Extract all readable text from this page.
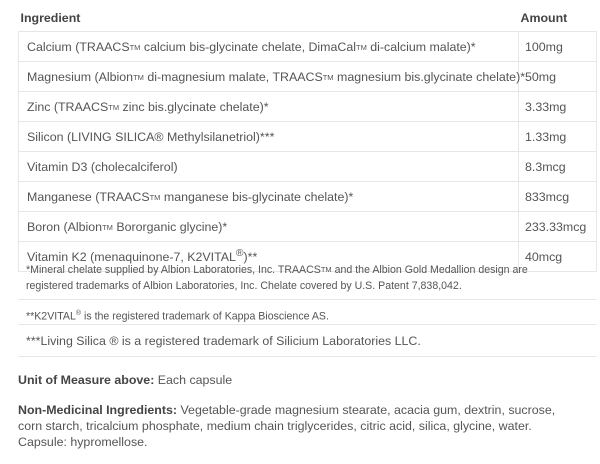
Ingredient	Amount
Calcium (TRAACSTM calcium bis-glycinate chelate, DimaCalTM di-calcium malate)*	100mg
Magnesium (AlbionTM di-magnesium malate, TRAACSTM magnesium bis.glycinate chelate)*	50mg
Zinc (TRAACSTM zinc bis.glycinate chelate)*	3.33mg
Silicon (LIVING SILICA® Methylsilanetriol)***	1.33mg
Vitamin D3 (cholecalciferol)	8.3mcg
Manganese (TRAACSTM manganese bis-glycinate chelate)*	833mcg
Boron (AlbionTM Bororganic glycine)*	233.33mcg
Vitamin K2 (menaquinone-7, K2VITAL®)**	40mcg
*Mineral chelate supplied by Albion Laboratories, Inc. TRAACSTM and the Albion Gold Medallion design are
registered trademarks of Albion Laboratories, Inc. Chelate covered by U.S. Patent 7,838,042.
**K2VITAL® is the registered trademark of Kappa Bioscience AS.
***Living Silica ® is a registered trademark of Silicium Laboratories LLC.
Unit of Measure above: Each capsule
Non-Medicinal Ingredients: Vegetable-grade magnesium stearate, acacia gum, dextrin, sucrose, corn starch, tricalcium phosphate, medium chain triglycerides, citric acid, silica, glycine, water. Capsule: hypromellose.
